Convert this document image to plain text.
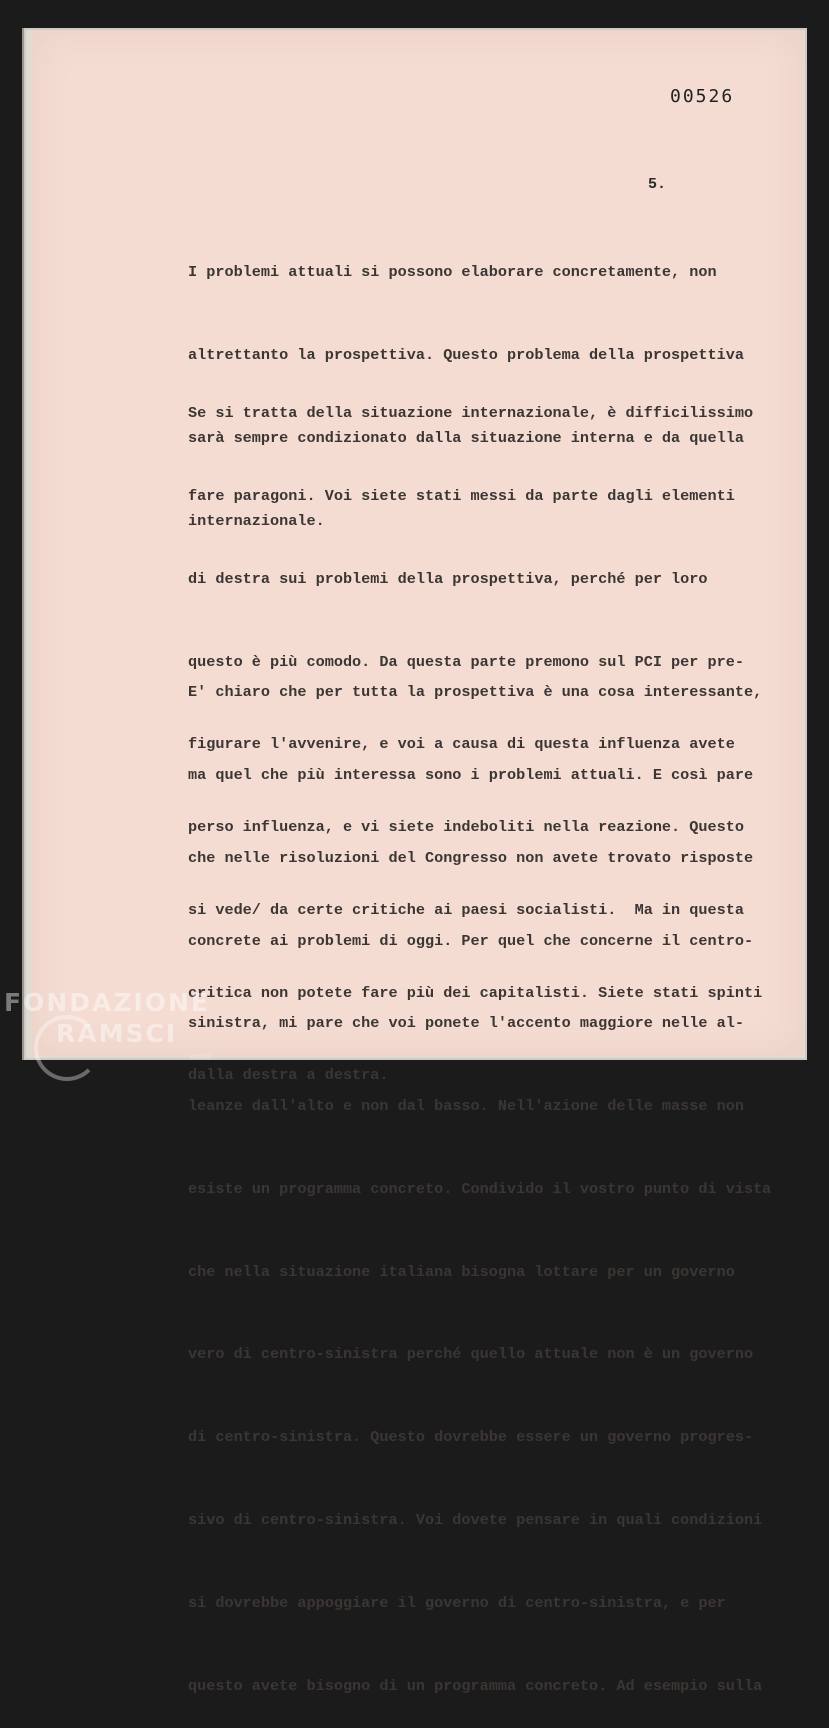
00526
5.

I problemi attuali si possono elaborare concretamente, non

altrettanto la prospettiva. Questo problema della prospettiva

sarà sempre condizionato dalla situazione interna e da quella

internazionale.

Se si tratta della situazione internazionale, è difficilissimo

fare paragoni. Voi siete stati messi da parte dagli elementi

di destra sui problemi della prospettiva, perché per loro

questo è più comodo. Da questa parte premono sul PCI per pre-

figurare l'avvenire, e voi a causa di questa influenza avete

perso influenza, e vi siete indeboliti nella reazione. Questo

si vede/ da certe critiche ai paesi socialisti.  Ma in questa

critica non potete fare più dei capitalisti. Siete stati spinti

dalla destra a destra.

E' chiaro che per tutta la prospettiva è una cosa interessante,

ma quel che più interessa sono i problemi attuali. E così pare

che nelle risoluzioni del Congresso non avete trovato risposte

concrete ai problemi di oggi. Per quel che concerne il centro-

sinistra, mi pare che voi ponete l'accento maggiore nelle al-

leanze dall'alto e non dal basso. Nell'azione delle masse non

esiste un programma concreto. Condivido il vostro punto di vista

che nella situazione italiana bisogna lottare per un governo

vero di centro-sinistra perché quello attuale non è un governo

di centro-sinistra. Questo dovrebbe essere un governo progres-

sivo di centro-sinistra. Voi dovete pensare in quali condizioni

si dovrebbe appoggiare il governo di centro-sinistra, e per

questo avete bisogno di un programma concreto. Ad esempio sulla

FONDAZIONE
RAMSCI
onlus
